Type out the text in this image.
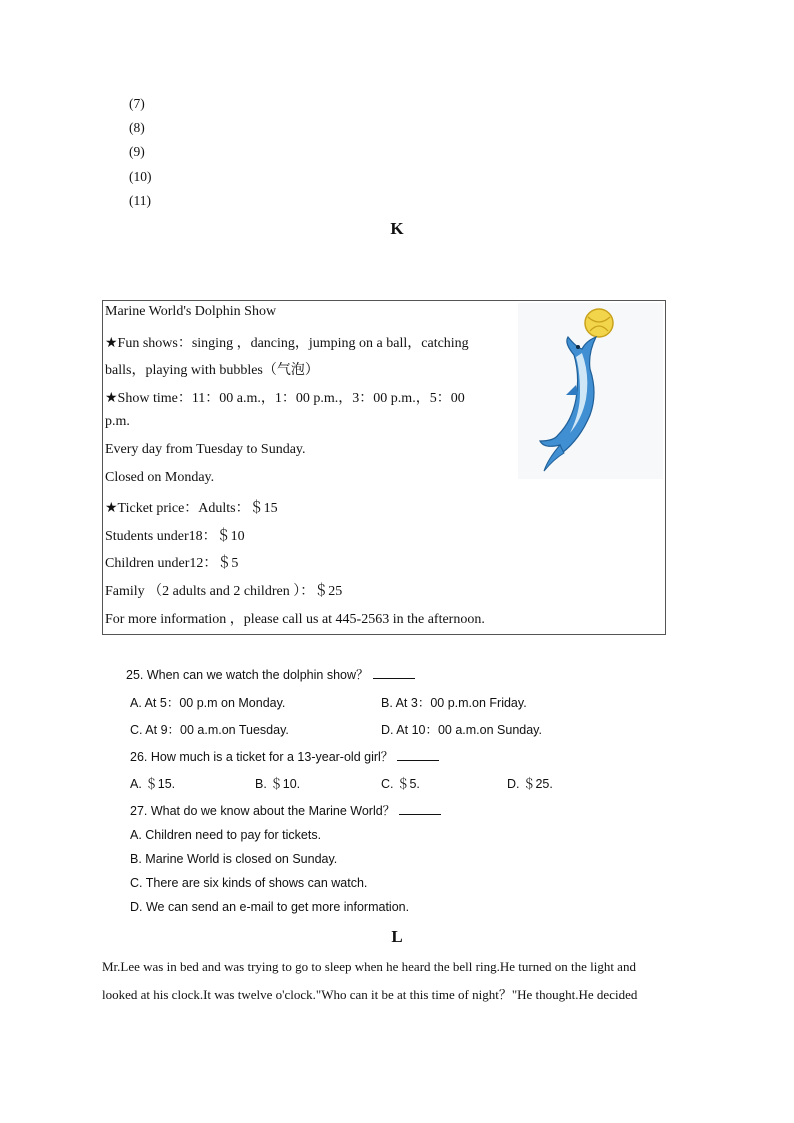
(7)
(8)
(9)
(10)
(11)
K
Marine World's Dolphin Show
★Fun shows：singing ，dancing，jumping on a ball，catching
balls，playing with bubbles（气泡）
★Show time：11：00 a.m.，1：00 p.m.，3：00 p.m.，5：00
p.m.
Every day from Tuesday to Sunday.
Closed on Monday.
★Ticket price：Adults：＄15
Students under18：＄10
Children under12：＄5
Family （2 adults and 2 children ）：＄25
For more information ，please call us at 445-2563 in the afternoon.
25. When can we watch the dolphin show？
A. At 5：00 p.m on Monday.	B. At 3：00 p.m.on Friday.
C. At 9：00 a.m.on Tuesday.	D. At 10：00 a.m.on Sunday.
26. How much is a ticket for a 13-year-old girl？
A. ＄15.	B. ＄10.	C. ＄5.	D. ＄25.
27. What do we know about the Marine World？
A. Children need to pay for tickets.
B. Marine World is closed on Sunday.
C. There are six kinds of shows can watch.
D. We can send an e-mail to get more information.
L
Mr.Lee was in bed and was trying to go to sleep when he heard the bell ring.He turned on the light and
looked at his clock.It was twelve o'clock."Who can it be at this time of night？"He thought.He decided
